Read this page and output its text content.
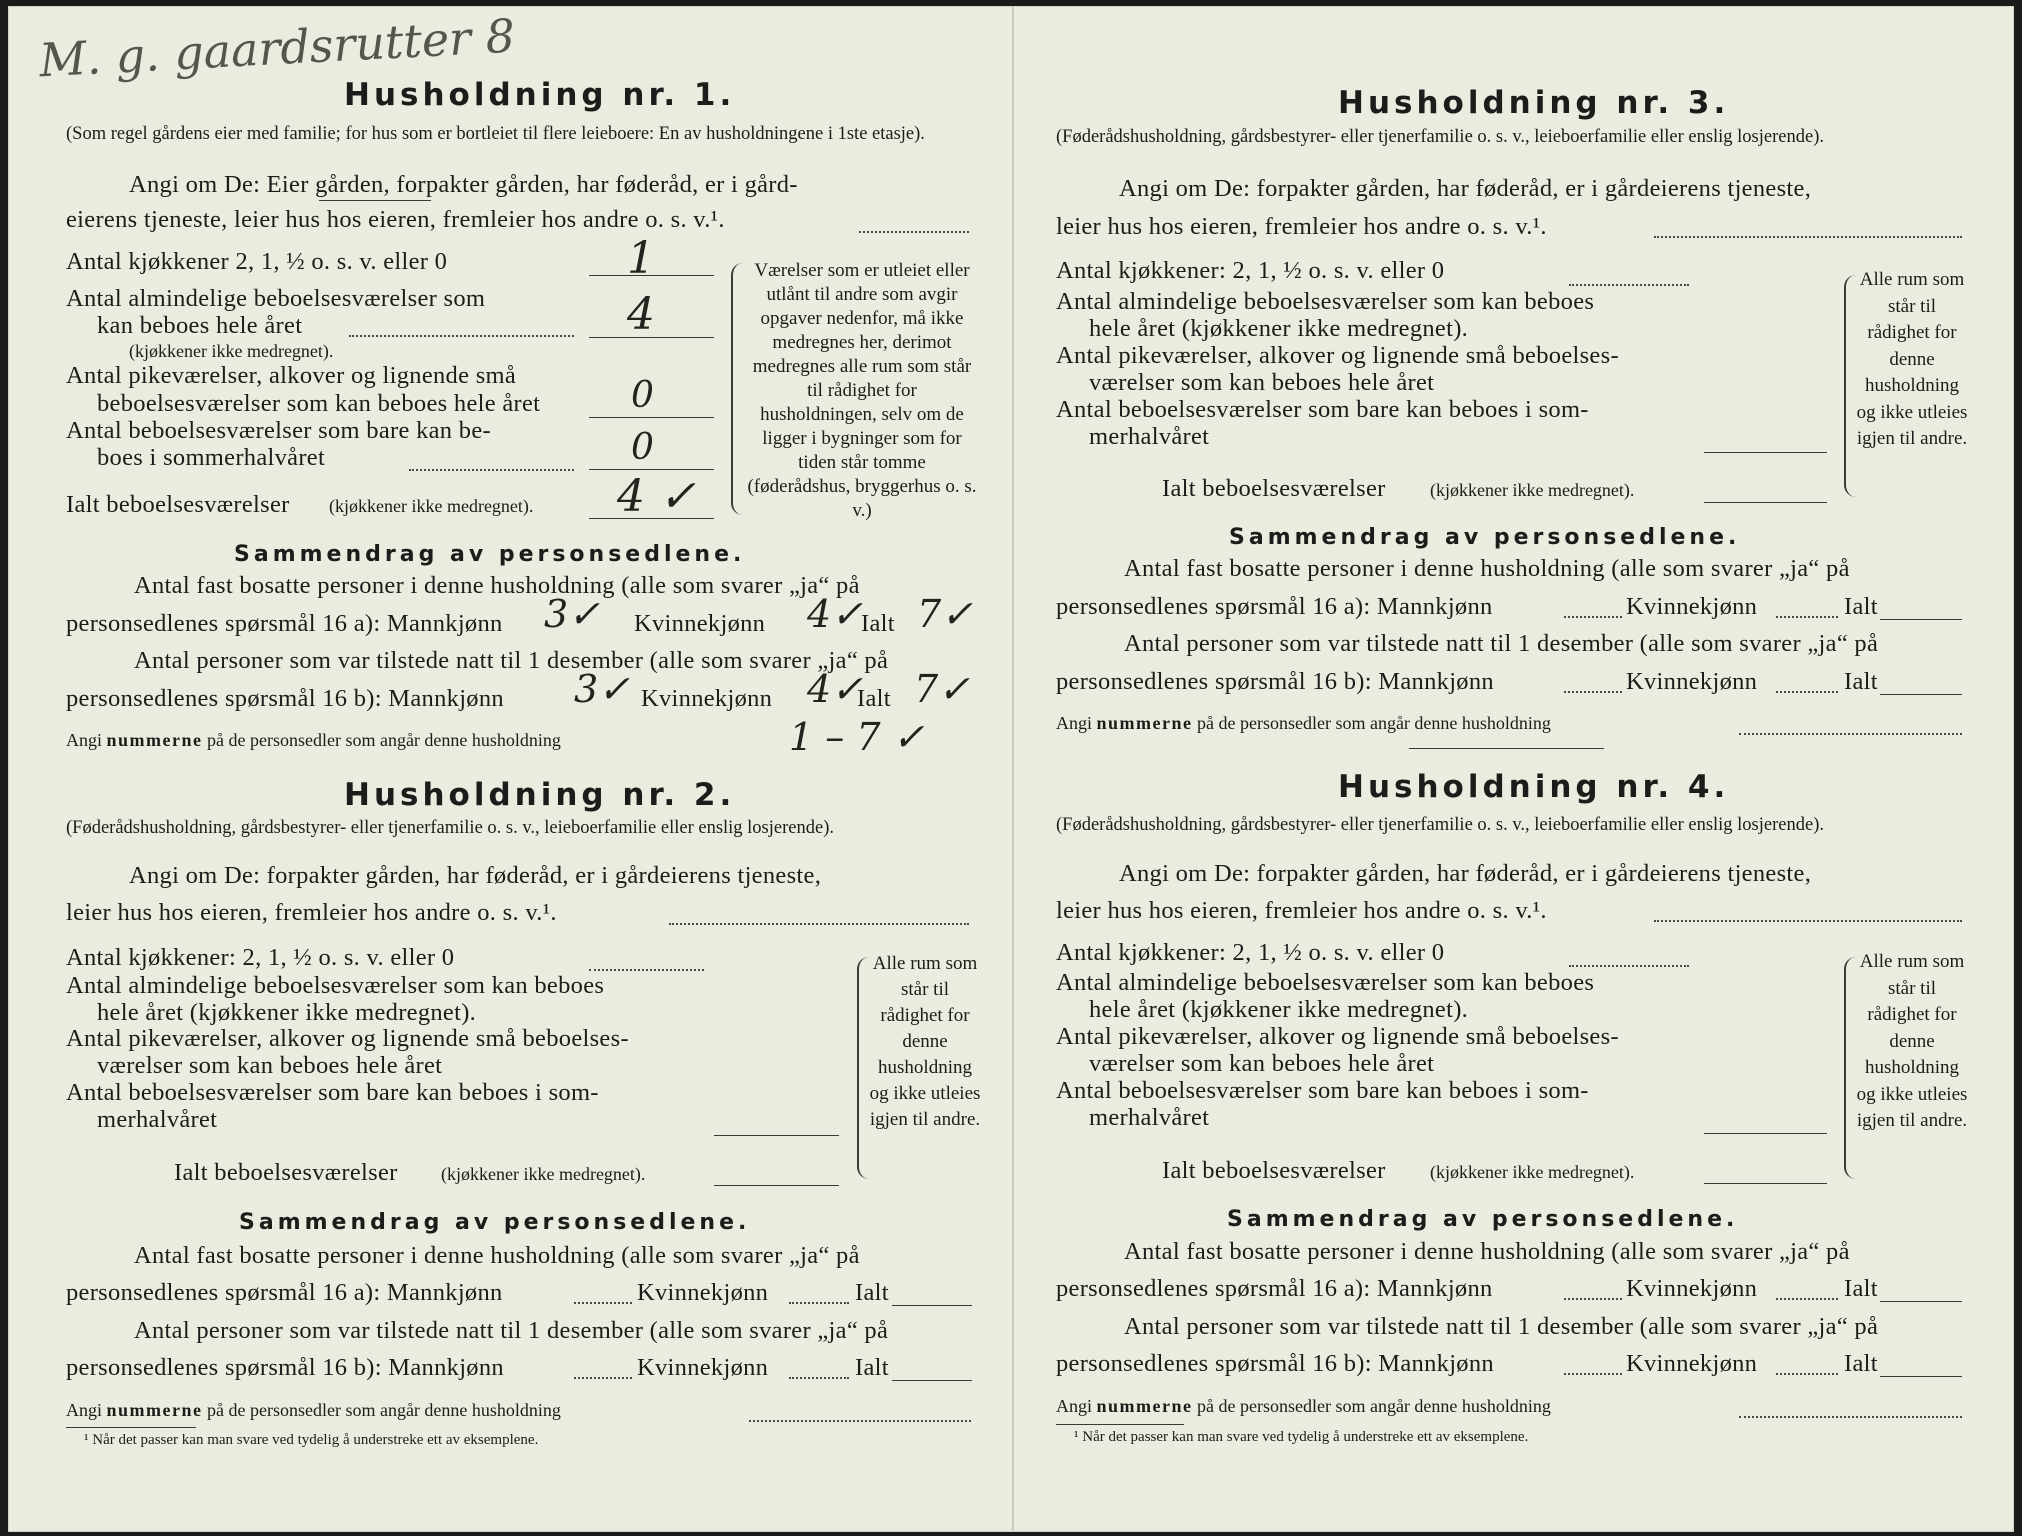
M. g. gaardsrutter 8
Husholdning nr. 1.
(Som regel gårdens eier med familie; for hus som er bortleiet til flere leieboere: En av husholdningene i 1ste etasje).
Angi om De: Eier gården, forpakter gården, har føderåd, er i gård-
eierens tjeneste, leier hus hos eieren, fremleier hos andre o. s. v.¹.
Antal kjøkkener 2, 1, ½ o. s. v. eller 0	1
Antal almindelige beboelsesværelser som
kan beboes hele året
(kjøkkener ikke medregnet).
4
Antal pikeværelser, alkover og lignende små
beboelsesværelser som kan beboes hele året	0
Antal beboelsesværelser som bare kan be-
boes i sommerhalvåret	0
Ialt beboelsesværelser (kjøkkener ikke medregnet). 4 ✓
Værelser som er utleiet eller utlånt til andre som avgir opgaver nedenfor, må ikke medregnes her, derimot medregnes alle rum som står til rådighet for husholdningen, selv om de ligger i bygninger som for tiden står tomme (føderådshus, bryggerhus o. s. v.)
Sammendrag av personsedlene.
Antal fast bosatte personer i denne husholdning (alle som svarer „ja“ på
personsedlenes spørsmål 16 a): Mannkjønn 3✓ Kvinnekjønn 4✓
Ialt 7✓
Antal personer som var tilstede natt til 1 desember (alle som svarer „ja“ på
personsedlenes spørsmål 16 b): Mannkjønn 3✓ Kvinnekjønn 4✓
Ialt 7✓
Angi nummerne på de personsedler som angår denne husholdning	1 – 7 ✓
Husholdning nr. 2.
(Føderådshusholdning, gårdsbestyrer- eller tjenerfamilie o. s. v., leieboerfamilie eller enslig losjerende).
Angi om De: forpakter gården, har føderåd, er i gårdeierens tjeneste,
leier hus hos eieren, fremleier hos andre o. s. v.¹.
Antal kjøkkener: 2, 1, ½ o. s. v. eller 0
Antal almindelige beboelsesværelser som kan beboes
hele året (kjøkkener ikke medregnet).
Antal pikeværelser, alkover og lignende små beboelses-
værelser som kan beboes hele året
Antal beboelsesværelser som bare kan beboes i som-
merhalvåret
Ialt beboelsesværelser (kjøkkener ikke medregnet).
Alle rum som står til rådighet for denne husholdning og ikke utleies igjen til andre.
Sammendrag av personsedlene.
Antal fast bosatte personer i denne husholdning (alle som svarer „ja“ på
personsedlenes spørsmål 16 a): Mannkjønn	Kvinnekjønn	Ialt
Antal personer som var tilstede natt til 1 desember (alle som svarer „ja“ på
personsedlenes spørsmål 16 b): Mannkjønn	Kvinnekjønn	Ialt
Angi nummerne på de personsedler som angår denne husholdning
¹ Når det passer kan man svare ved tydelig å understreke ett av eksemplene.
Husholdning nr. 3.
(Føderådshusholdning, gårdsbestyrer- eller tjenerfamilie o. s. v., leieboerfamilie eller enslig losjerende).
Angi om De: forpakter gården, har føderåd, er i gårdeierens tjeneste,
leier hus hos eieren, fremleier hos andre o. s. v.¹.
Antal kjøkkener: 2, 1, ½ o. s. v. eller 0
Antal almindelige beboelsesværelser som kan beboes
hele året (kjøkkener ikke medregnet).
Antal pikeværelser, alkover og lignende små beboelses-
værelser som kan beboes hele året
Antal beboelsesværelser som bare kan beboes i som-
merhalvåret
Ialt beboelsesværelser (kjøkkener ikke medregnet).
Alle rum som står til rådighet for denne husholdning og ikke utleies igjen til andre.
Sammendrag av personsedlene.
Antal fast bosatte personer i denne husholdning (alle som svarer „ja“ på
personsedlenes spørsmål 16 a): Mannkjønn	Kvinnekjønn	Ialt
Antal personer som var tilstede natt til 1 desember (alle som svarer „ja“ på
personsedlenes spørsmål 16 b): Mannkjønn	Kvinnekjønn	Ialt
Angi nummerne på de personsedler som angår denne husholdning
Husholdning nr. 4.
(Føderådshusholdning, gårdsbestyrer- eller tjenerfamilie o. s. v., leieboerfamilie eller enslig losjerende).
Angi om De: forpakter gården, har føderåd, er i gårdeierens tjeneste,
leier hus hos eieren, fremleier hos andre o. s. v.¹.
Antal kjøkkener: 2, 1, ½ o. s. v. eller 0
Antal almindelige beboelsesværelser som kan beboes
hele året (kjøkkener ikke medregnet).
Antal pikeværelser, alkover og lignende små beboelses-
værelser som kan beboes hele året
Antal beboelsesværelser som bare kan beboes i som-
merhalvåret
Ialt beboelsesværelser (kjøkkener ikke medregnet).
Alle rum som står til rådighet for denne husholdning og ikke utleies igjen til andre.
Sammendrag av personsedlene.
Antal fast bosatte personer i denne husholdning (alle som svarer „ja“ på
personsedlenes spørsmål 16 a): Mannkjønn	Kvinnekjønn	Ialt
Antal personer som var tilstede natt til 1 desember (alle som svarer „ja“ på
personsedlenes spørsmål 16 b): Mannkjønn	Kvinnekjønn	Ialt
Angi nummerne på de personsedler som angår denne husholdning
¹ Når det passer kan man svare ved tydelig å understreke ett av eksemplene.
